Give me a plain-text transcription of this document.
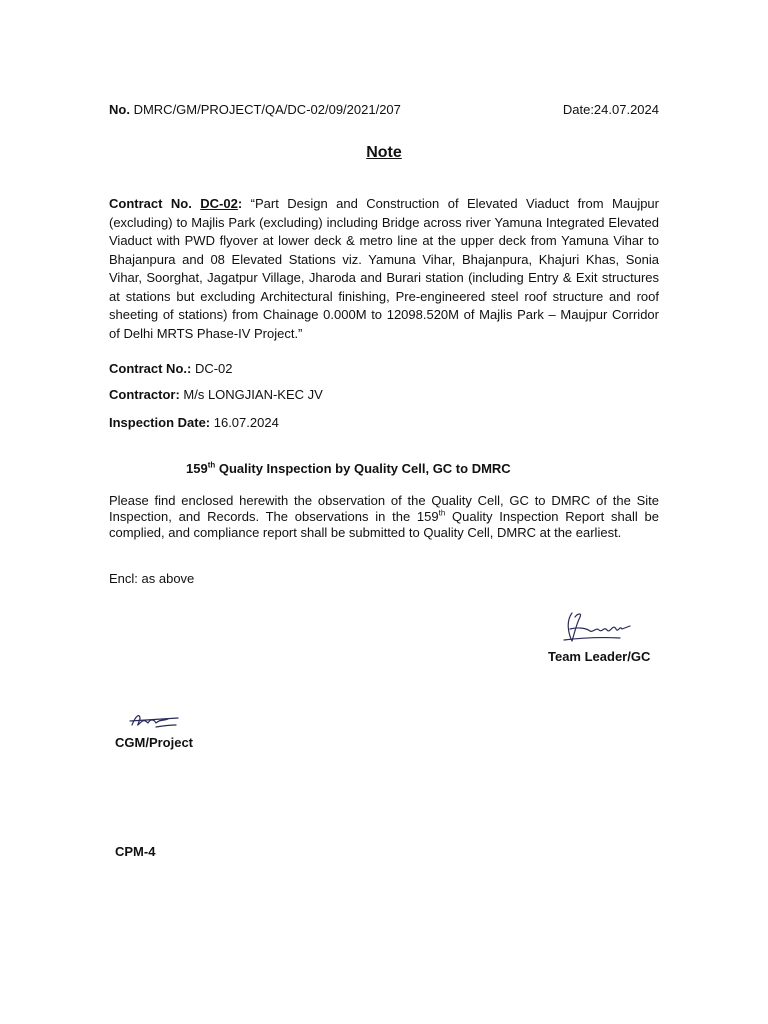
No. DMRC/GM/PROJECT/QA/DC-02/09/2021/207	Date:24.07.2024
Note
Contract No. DC-02: “Part Design and Construction of Elevated Viaduct from Maujpur (excluding) to Majlis Park (excluding) including Bridge across river Yamuna Integrated Elevated Viaduct with PWD flyover at lower deck & metro line at the upper deck from Yamuna Vihar to Bhajanpura and 08 Elevated Stations viz. Yamuna Vihar, Bhajanpura, Khajuri Khas, Sonia Vihar, Soorghat, Jagatpur Village, Jharoda and Burari station (including Entry & Exit structures at stations but excluding Architectural finishing, Pre-engineered steel roof structure and roof sheeting of stations) from Chainage 0.000M to 12098.520M of Majlis Park – Maujpur Corridor of Delhi MRTS Phase-IV Project.”
Contract No.: DC-02
Contractor: M/s LONGJIAN-KEC JV
Inspection Date: 16.07.2024
159th Quality Inspection by Quality Cell, GC to DMRC
Please find enclosed herewith the observation of the Quality Cell, GC to DMRC of the Site Inspection, and Records. The observations in the 159th Quality Inspection Report shall be complied, and compliance report shall be submitted to Quality Cell, DMRC at the earliest.
Encl: as above
Team Leader/GC
CGM/Project
CPM-4
